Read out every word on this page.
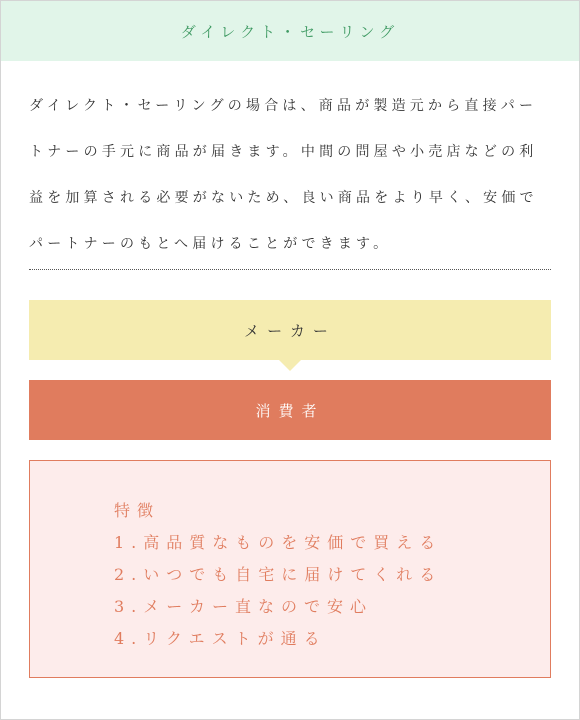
ダイレクト・セーリング
ダイレクト・セーリングの場合は、商品が製造元から直接パートナーの手元に商品が届きます。中間の問屋や小売店などの利益を加算される必要がないため、良い商品をより早く、安価でパートナーのもとへ届けることができます。
メーカー
消費者
特徴
1.高品質なものを安価で買える
2.いつでも自宅に届けてくれる
3.メーカー直なので安心
4.リクエストが通る
